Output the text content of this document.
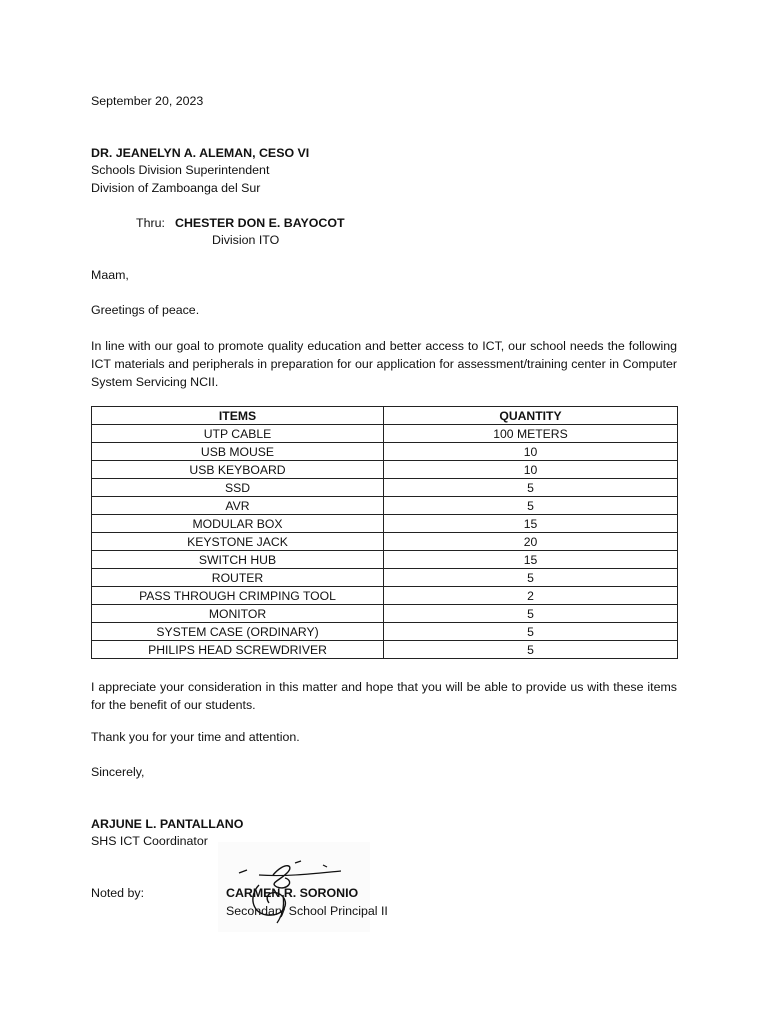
September 20, 2023
DR. JEANELYN A. ALEMAN, CESO VI
Schools Division Superintendent
Division of Zamboanga del Sur
Thru: CHESTER DON E. BAYOCOT
Division ITO
Maam,
Greetings of peace.
In line with our goal to promote quality education and better access to ICT, our school needs the following ICT materials and peripherals in preparation for our application for assessment/training center in Computer System Servicing NCII.
ITEMS	QUANTITY
UTP CABLE	100 METERS
USB MOUSE	10
USB KEYBOARD	10
SSD	5
AVR	5
MODULAR BOX	15
KEYSTONE JACK	20
SWITCH HUB	15
ROUTER	5
PASS THROUGH CRIMPING TOOL	2
MONITOR	5
SYSTEM CASE (ORDINARY)	5
PHILIPS HEAD SCREWDRIVER	5
I appreciate your consideration in this matter and hope that you will be able to provide us with these items for the benefit of our students.
Thank you for your time and attention.
Sincerely,
ARJUNE L. PANTALLANO
SHS ICT Coordinator
Noted by:	CARMEN R. SORONIO
Secondary School Principal II
